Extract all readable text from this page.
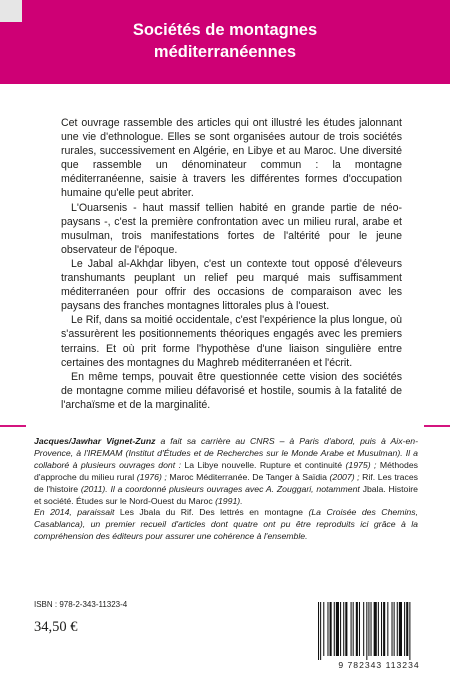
Sociétés de montagnes
méditerranéennes

Cet ouvrage rassemble des articles qui ont illustré les études jalonnant une vie d'ethnologue. Elles se sont organisées autour de trois sociétés rurales, successivement en Algérie, en Libye et au Maroc. Une diversité que rassemble un dénominateur commun : la montagne méditerranéenne, saisie à travers les différentes formes d'occupation humaine qu'elle peut abriter.

L'Ouarsenis - haut massif tellien habité en grande partie de néo-paysans -, c'est la première confrontation avec un milieu rural, arabe et musulman, trois manifestations fortes de l'altérité pour le jeune observateur de l'époque.

Le Jabal al-Akhḍar libyen, c'est un contexte tout opposé d'éleveurs transhumants peuplant un relief peu marqué mais suffisamment méditerranéen pour offrir des occasions de comparaison avec les paysans des franches montagnes littorales plus à l'ouest.

Le Rif, dans sa moitié occidentale, c'est l'expérience la plus longue, où s'assurèrent les positionnements théoriques engagés avec les premiers terrains. Et où prit forme l'hypothèse d'une liaison singulière entre certaines des montagnes du Maghreb méditerranéen et l'écrit.

En même temps, pouvait être questionnée cette vision des sociétés de montagne comme milieu défavorisé et hostile, soumis à la fatalité de l'archaïsme et de la marginalité.

Jacques/Jawhar Vignet-Zunz a fait sa carrière au CNRS – à Paris d'abord, puis à Aix-en-Provence, à l'IREMAM (Institut d'Études et de Recherches sur le Monde Arabe et Musulman). Il a collaboré à plusieurs ouvrages dont : La Libye nouvelle. Rupture et continuité (1975) ; Méthodes d'approche du milieu rural (1976) ; Maroc Méditerranée. De Tanger à Saïdia (2007) ; Rif. Les traces de l'histoire (2011). Il a coordonné plusieurs ouvrages avec A. Zouggari, notamment Jbala. Histoire et société. Études sur le Nord-Ouest du Maroc (1991).

En 2014, paraissait Les Jbala du Rif. Des lettrés en montagne (La Croisée des Chemins, Casablanca), un premier recueil d'articles dont quatre ont pu être reproduits ici grâce à la compréhension des éditeurs pour assurer une cohérence à l'ensemble.

ISBN : 978-2-343-11323-4
34,50 €
9 782343 113234
